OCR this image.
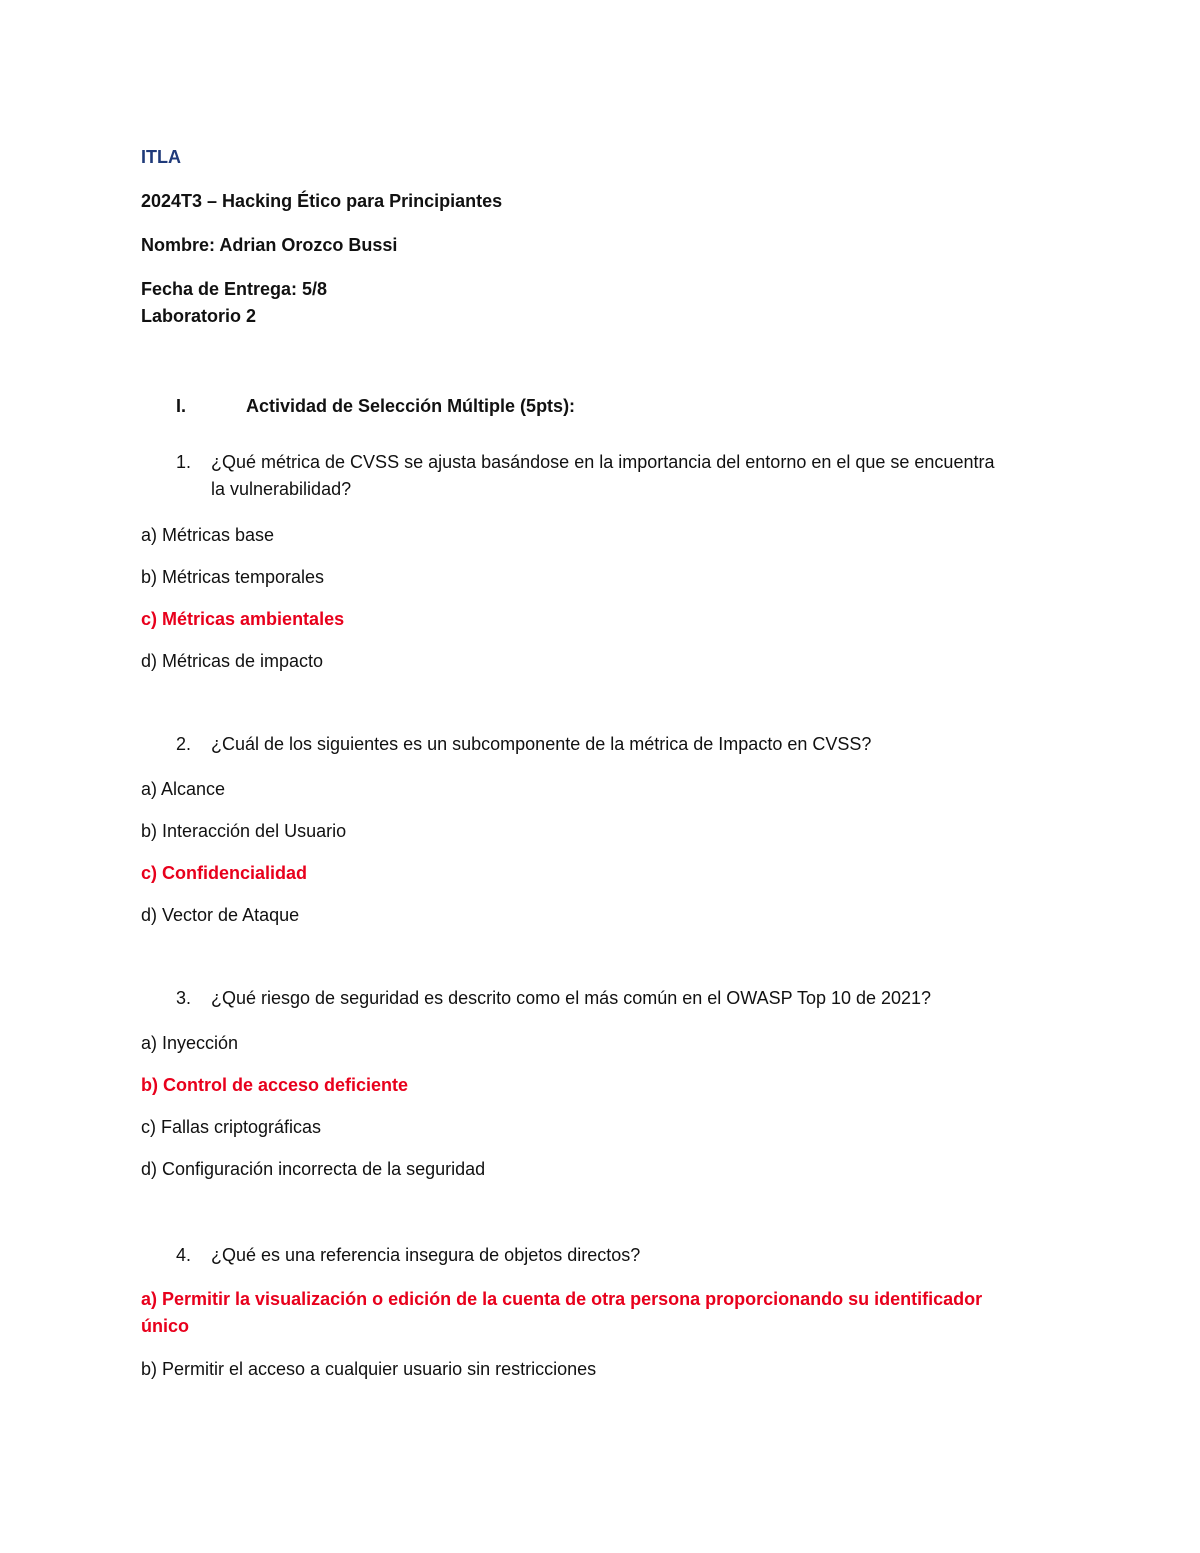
ITLA

2024T3 – Hacking Ético para Principiantes

Nombre: Adrian Orozco Bussi

Fecha de Entrega: 5/8

Laboratorio 2

I.	Actividad de Selección Múltiple (5pts):

1. ¿Qué métrica de CVSS se ajusta basándose en la importancia del entorno en el que se encuentra

la vulnerabilidad?

a) Métricas base

b) Métricas temporales

c) Métricas ambientales

d) Métricas de impacto

2. ¿Cuál de los siguientes es un subcomponente de la métrica de Impacto en CVSS?

a) Alcance

b) Interacción del Usuario

c) Confidencialidad

d) Vector de Ataque

3. ¿Qué riesgo de seguridad es descrito como el más común en el OWASP Top 10 de 2021?

a) Inyección

b) Control de acceso deficiente

c) Fallas criptográficas

d) Configuración incorrecta de la seguridad

4. ¿Qué es una referencia insegura de objetos directos?

a) Permitir la visualización o edición de la cuenta de otra persona proporcionando su identificador

único

b) Permitir el acceso a cualquier usuario sin restricciones
